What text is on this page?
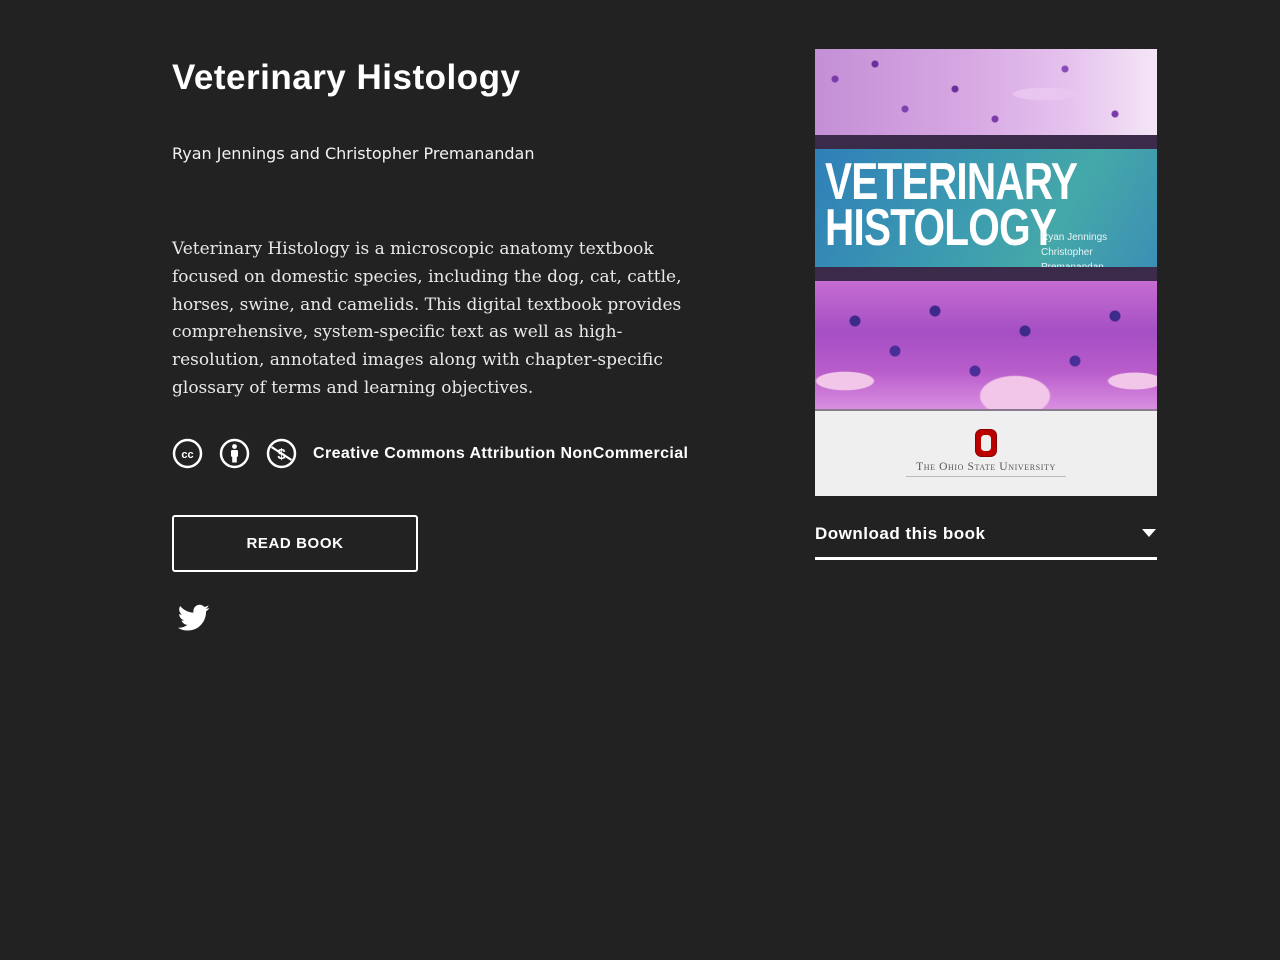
Veterinary Histology
Ryan Jennings and Christopher Premanandan
Veterinary Histology is a microscopic anatomy textbook focused on domestic species, including the dog, cat, cattle, horses, swine, and camelids. This digital textbook provides comprehensive, system-specific text as well as high-resolution, annotated images along with chapter-specific glossary of terms and learning objectives.
cc	$ Creative Commons Attribution NonCommercial
READ BOOK
VETERINARY
HISTOLOGY
Ryan Jennings
Christopher
The Ohio State University
Download this book
